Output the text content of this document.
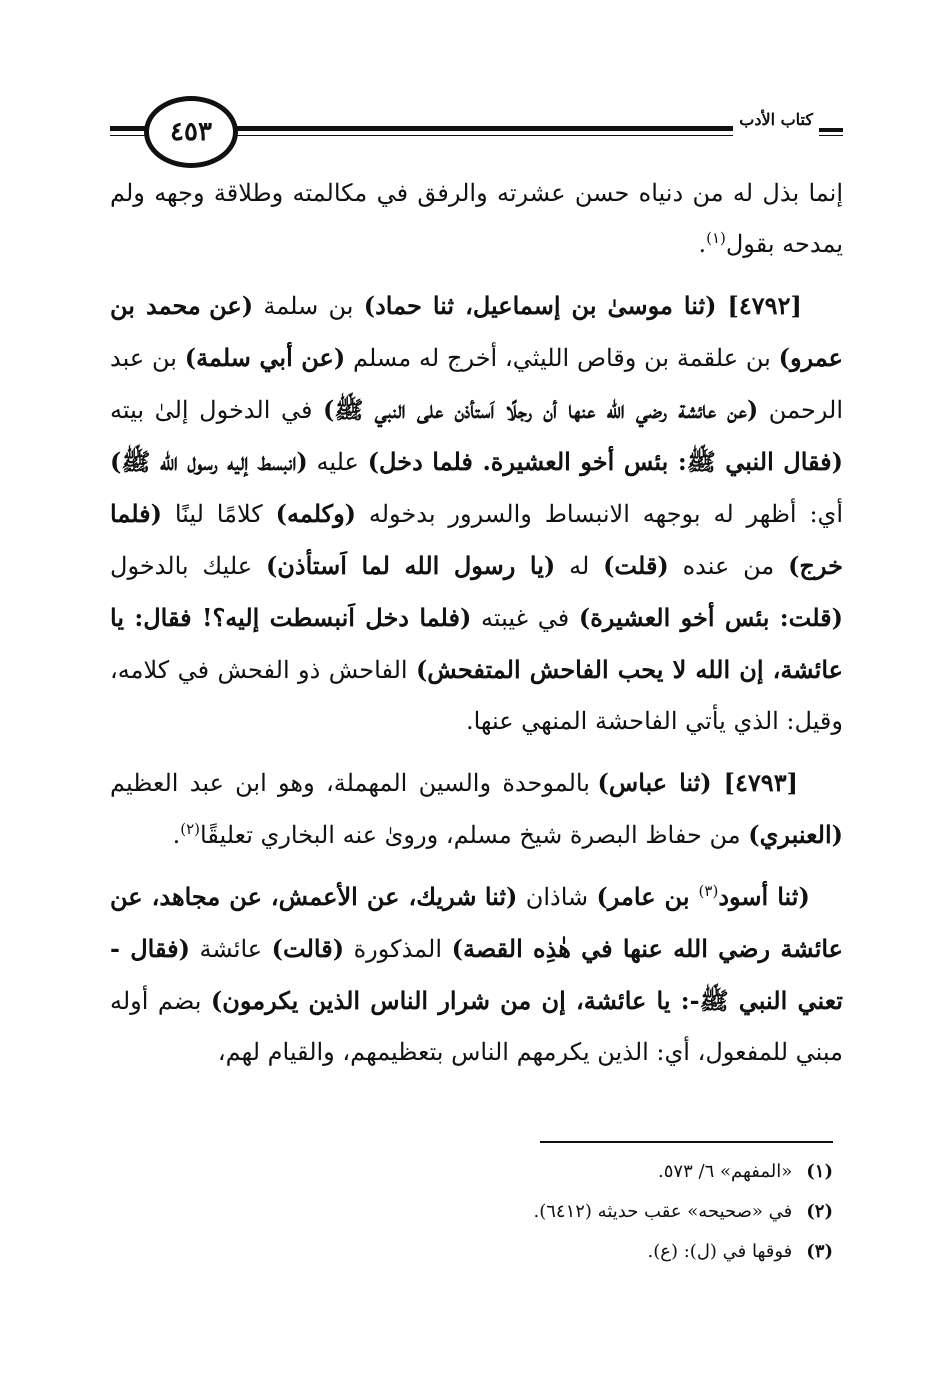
٤٥٣	كتاب الأدب

إنما بذل له من دنياه حسن عشرته والرفق في مكالمته وطلاقة وجهه ولم يمدحه بقول$^{(١)}$.

[٤٧٩٢] (ثنا موسىٰ بن إسماعيل، ثنا حماد) بن سلمة (عن محمد بن عمرو) بن علقمة بن وقاص الليثي، أخرج له مسلم (عن أبي سلمة) بن عبد الرحمن (عن عائشة رضي الله عنها أن رجلًا اَستأذن على النبي ﷺ) في الدخول إلىٰ بيته (فقال النبي ﷺ: بئس أخو العشيرة. فلما دخل) عليه (انبسط إليه رسول الله ﷺ) أي: أظهر له بوجهه الانبساط والسرور بدخوله (وكلمه) كلامًا لينًا (فلما خرج) من عنده (قلت) له (يا رسول الله لما اَستأذن) عليك بالدخول (قلت: بئس أخو العشيرة) في غيبته (فلما دخل اَنبسطت إليه؟! فقال: يا عائشة، إن الله لا يحب الفاحش المتفحش) الفاحش ذو الفحش في كلامه، وقيل: الذي يأتي الفاحشة المنهي عنها.

[٤٧٩٣] (ثنا عباس) بالموحدة والسين المهملة، وهو ابن عبد العظيم (العنبري) من حفاظ البصرة شيخ مسلم، وروىٰ عنه البخاري تعليقًا$^{(٢)}$.

(ثنا أسود$^{(٣)}$ بن عامر) شاذان (ثنا شريك، عن الأعمش، عن مجاهد، عن عائشة رضي الله عنها في هٰذِه القصة) المذكورة (قالت) عائشة (فقال - تعني النبي ﷺ-: يا عائشة، إن من شرار الناس الذين يكرمون) بضم أوله مبني للمفعول، أي: الذين يكرمهم الناس بتعظيمهم، والقيام لهم،

(١)
«المفهم» ٦/ ٥٧٣.
(٢)
في «صحيحه» عقب حديثه (٦٤١٢).
(٣)
فوقها في (ل): (ع).
